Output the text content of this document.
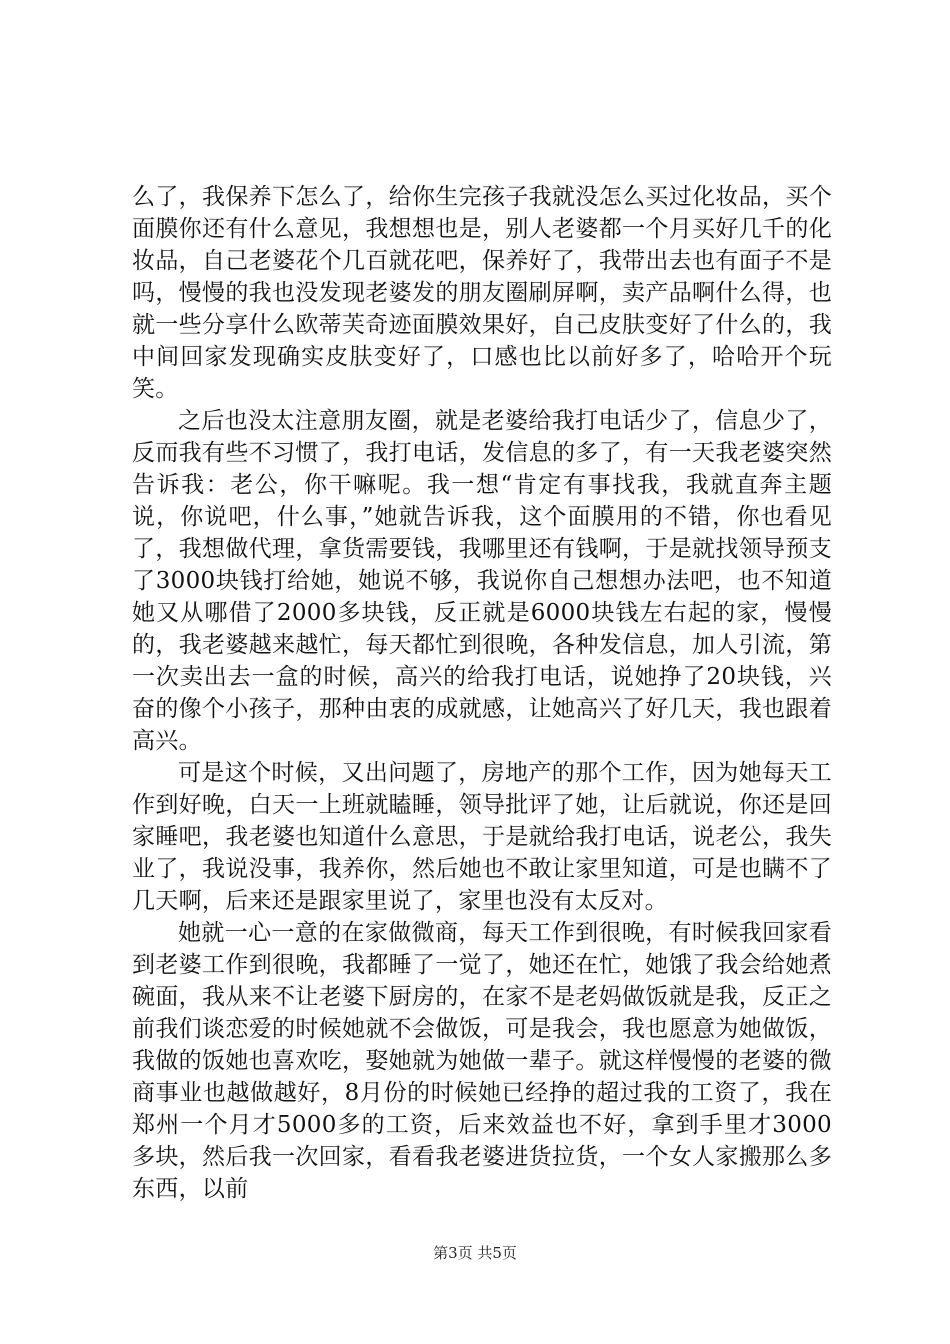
么了，我保养下怎么了，给你生完孩子我就没怎么买过化妆品，买个面膜你还有什么意见，我想想也是，别人老婆都一个月买好几千的化妆品，自己老婆花个几百就花吧，保养好了，我带出去也有面子不是吗，慢慢的我也没发现老婆发的朋友圈刷屏啊，卖产品啊什么得，也就一些分享什么欧蒂芙奇迹面膜效果好，自己皮肤变好了什么的，我中间回家发现确实皮肤变好了，口感也比以前好多了，哈哈开个玩笑。

之后也没太注意朋友圈，就是老婆给我打电话少了，信息少了，反而我有些不习惯了，我打电话，发信息的多了，有一天我老婆突然告诉我：老公，你干嘛呢。我一想“肯定有事找我，我就直奔主题说，你说吧，什么事，”她就告诉我，这个面膜用的不错，你也看见了，我想做代理，拿货需要钱，我哪里还有钱啊，于是就找领导预支了3000块钱打给她，她说不够，我说你自己想想办法吧，也不知道她又从哪借了2000多块钱，反正就是6000块钱左右起的家，慢慢的，我老婆越来越忙，每天都忙到很晚，各种发信息，加人引流，第一次卖出去一盒的时候，高兴的给我打电话，说她挣了20块钱，兴奋的像个小孩子，那种由衷的成就感，让她高兴了好几天，我也跟着高兴。

可是这个时候，又出问题了，房地产的那个工作，因为她每天工作到好晚，白天一上班就瞌睡，领导批评了她，让后就说，你还是回家睡吧，我老婆也知道什么意思，于是就给我打电话，说老公，我失业了，我说没事，我养你，然后她也不敢让家里知道，可是也瞒不了几天啊，后来还是跟家里说了，家里也没有太反对。

她就一心一意的在家做微商，每天工作到很晚，有时候我回家看到老婆工作到很晚，我都睡了一觉了，她还在忙，她饿了我会给她煮碗面，我从来不让老婆下厨房的，在家不是老妈做饭就是我，反正之前我们谈恋爱的时候她就不会做饭，可是我会，我也愿意为她做饭，我做的饭她也喜欢吃，娶她就为她做一辈子。就这样慢慢的老婆的微商事业也越做越好，8月份的时候她已经挣的超过我的工资了，我在郑州一个月才5000多的工资，后来效益也不好，拿到手里才3000多块，然后我一次回家，看看我老婆进货拉货，一个女人家搬那么多东西，以前

第3页 共5页
